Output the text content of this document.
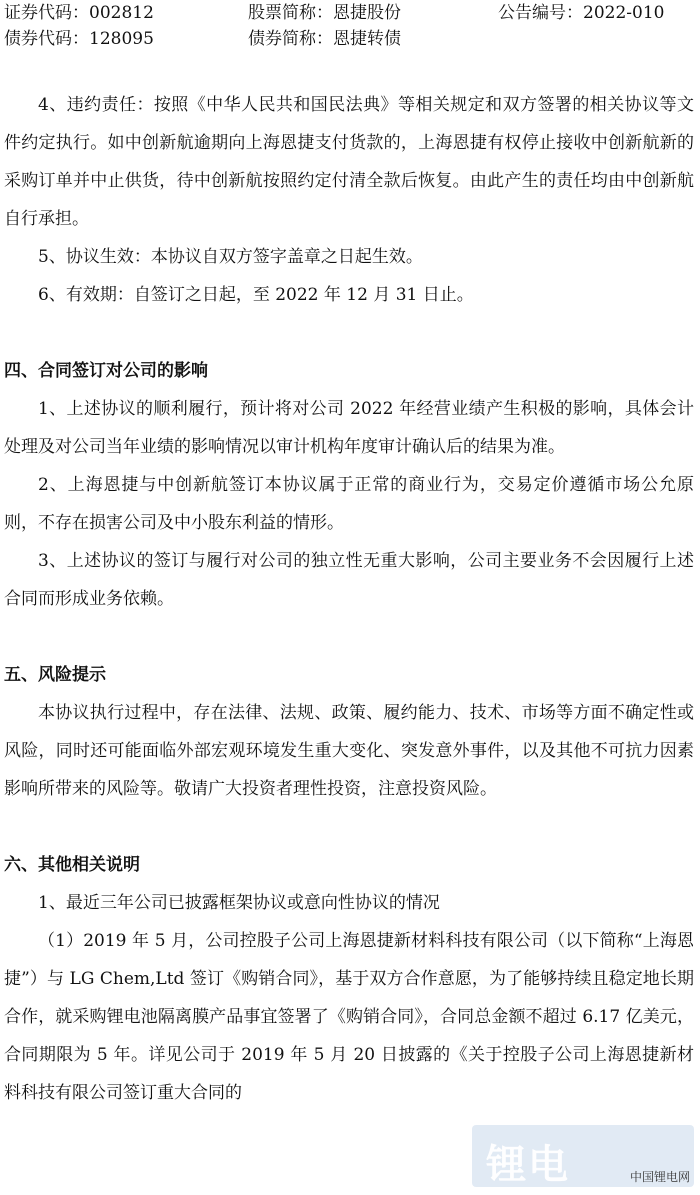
证券代码：002812	股票简称：恩捷股份	公告编号：2022-010
债券代码：128095	债券简称：恩捷转债

4、违约责任：按照《中华人民共和国民法典》等相关规定和双方签署的相关协议等文件约定执行。如中创新航逾期向上海恩捷支付货款的，上海恩捷有权停止接收中创新航新的采购订单并中止供货，待中创新航按照约定付清全款后恢复。由此产生的责任均由中创新航自行承担。

5、协议生效：本协议自双方签字盖章之日起生效。

6、有效期：自签订之日起，至 2022 年 12 月 31 日止。

四、合同签订对公司的影响

1、上述协议的顺利履行，预计将对公司 2022 年经营业绩产生积极的影响，具体会计处理及对公司当年业绩的影响情况以审计机构年度审计确认后的结果为准。

2、上海恩捷与中创新航签订本协议属于正常的商业行为，交易定价遵循市场公允原则，不存在损害公司及中小股东利益的情形。

3、上述协议的签订与履行对公司的独立性无重大影响，公司主要业务不会因履行上述合同而形成业务依赖。

五、风险提示

本协议执行过程中，存在法律、法规、政策、履约能力、技术、市场等方面不确定性或风险，同时还可能面临外部宏观环境发生重大变化、突发意外事件，以及其他不可抗力因素影响所带来的风险等。敬请广大投资者理性投资，注意投资风险。

六、其他相关说明

1、最近三年公司已披露框架协议或意向性协议的情况

（1）2019 年 5 月，公司控股子公司上海恩捷新材料科技有限公司（以下简称“上海恩捷”）与 LG Chem,Ltd 签订《购销合同》，基于双方合作意愿，为了能够持续且稳定地长期合作，就采购锂电池隔离膜产品事宜签署了《购销合同》，合同总金额不超过 6.17 亿美元，合同期限为 5 年。详见公司于 2019 年 5 月 20 日披露的《关于控股子公司上海恩捷新材料科技有限公司签订重大合同的

锂电	中国锂电网
